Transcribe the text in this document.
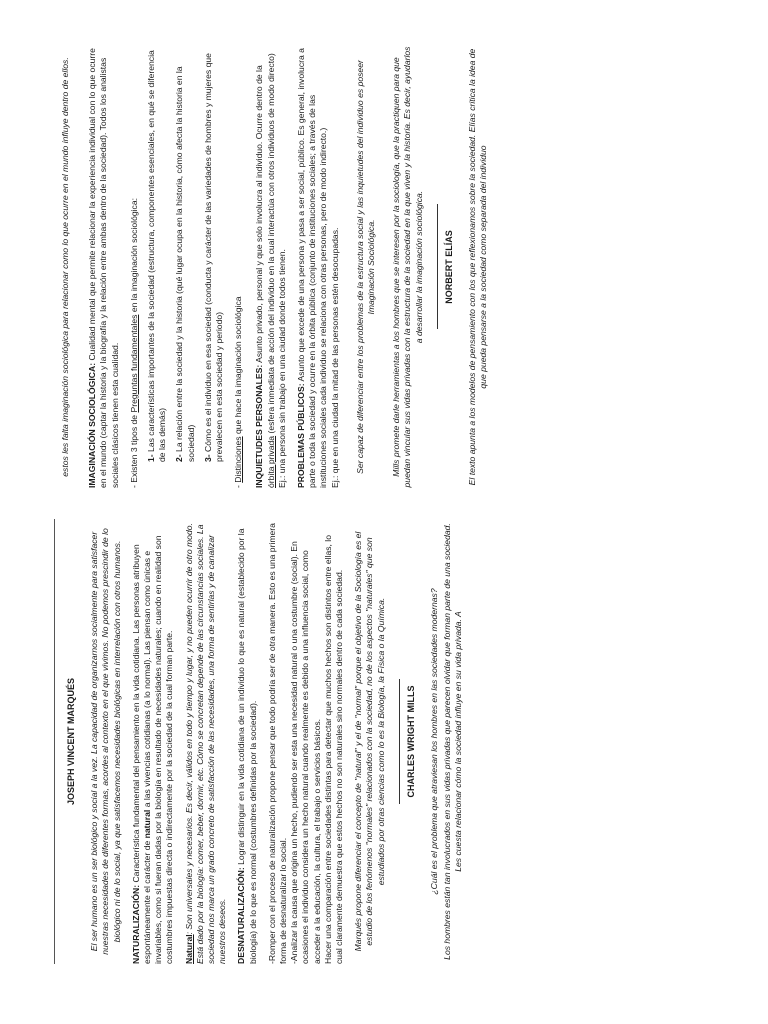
JOSEPH VINCENT MARQUÉS El ser humano es un ser biológico y social a la vez. La capacidad de organizarnos socialmente para satisfacer nuestras necesidades de diferentes formas, acordes al contexto en el que vivimos. No podemos prescindir de lo biológico ni de lo social, ya que satisfacemos necesidades biológicas en interrelación con otros humanos. NATURALIZACIÓN: Característica fundamental del pensamiento en la vida cotidiana. Las personas atribuyen espontáneamente el carácter de natural a las vivencias cotidianas (a lo normal). Las piensan como únicas e invariables, como si fueran dadas por la biología en resultado de necesidades naturales; cuando en realidad son costumbres impuestas directa o indirectamente por la sociedad de la cual forman parte. Natural: Son universales y necesarios. Es decir, válidos en todo y tiempo y lugar, y no pueden ocurrir de otro modo. Está dado por la biología: comer, beber, dormir, etc. Cómo se concretan depende de las circunstancias sociales. La sociedad nos marca un grado concreto de satisfacción de las necesidades, una forma de sentirlas y de canalizar nuestros deseos. DESNATURALIZACIÓN: Lograr distinguir en la vida cotidiana de un individuo lo que es natural (establecido por la biología) de lo que es normal (costumbres definidas por la sociedad). -Romper con el proceso de naturalización propone pensar que todo podría ser de otra manera. Esto es una primera forma de desnaturalizar lo social. -Analizar la causa que origina un hecho, pudiendo ser esta una necesidad natural o una costumbre (social). En ocasiones el individuo considera un hecho natural cuando realmente es debido a una influencia social, como acceder a la educación, la cultura, el trabajo o servicios básicos. Hacer una comparación entre sociedades distintas para detectar que muchos hechos son distintos entre ellas, lo cual claramente demuestra que estos hechos no son naturales sino normales dentro de cada sociedad. Marqués propone diferenciar el concepto de "natural" y el de "normal" porque el objetivo de la Sociología es el estudio de los fenómenos "normales" relacionados con la sociedad, no de los aspectos "naturales" que son estudiados por otras ciencias como lo es la Biología, la Física o la Química. CHARLES WRIGHT MILLS ¿Cuál es el problema que atraviesan los hombres en las sociedades modernas? Los hombres están tan involucrados en sus vidas privadas que parecen olvidar que forman parte de una sociedad. Les cuesta relacionar cómo la sociedad influye en su vida privada. A

estos les falta imaginación sociológica para relacionar como lo que ocurre en el mundo influye dentro de ellos. IMAGINACIÓN SOCIOLÓGICA: Cualidad mental que permite relacionar la experiencia individual con lo que ocurre en el mundo (captar la historia y la biografía y la relación entre ambas dentro de la sociedad). Todos los analistas sociales clásicos tienen esta cualidad. - Existen 3 tipos de Preguntas fundamentales en la imaginación sociológica:

1- Las características importantes de la sociedad (estructura, componentes esenciales, en qué se diferencia de las demás) 2- La relación entre la sociedad y la historia (qué lugar ocupa en la historia, cómo afecta la historia en la sociedad) 3- Cómo es el individuo en esa sociedad (conducta y carácter de las variedades de hombres y mujeres que prevalecen en esta sociedad y periodo)

- Distinciones que hace la imaginación sociológica INQUIETUDES PERSONALES: Asunto privado, personal y que solo involucra al individuo. Ocurre dentro de la órbita privada (esfera inmediata de acción del individuo en la cual interactúa con otros individuos de modo directo)
Ej.: una persona sin trabajo en una ciudad donde todos tienen. PROBLEMAS PÚBLICOS: Asunto que excede de una persona y pasa a ser social, público. Es general, involucra a parte o toda la sociedad y ocurre en la órbita pública (conjunto de instituciones sociales; a través de las instituciones sociales cada individuo se relaciona con otras personas, pero de modo indirecto.)
Ej.: que en una ciudad la mitad de las personas estén desocupadas. Ser capaz de diferenciar entre los problemas de la estructura social y las inquietudes del individuo es poseer Imaginación Sociológica. Mills promete darle herramientas a los hombres que se interesen por la sociología, que la practiquen para que puedan vincular sus vidas privadas con la estructura de la sociedad en la que viven y la historia. Es decir, ayudarlos a desarrollar la imaginación sociológica. NORBERT ELÍAS El texto apunta a los modelos de pensamiento con los que reflexionamos sobre la sociedad. Elías critica la idea de que pueda pensarse a la sociedad como separada del individuo
